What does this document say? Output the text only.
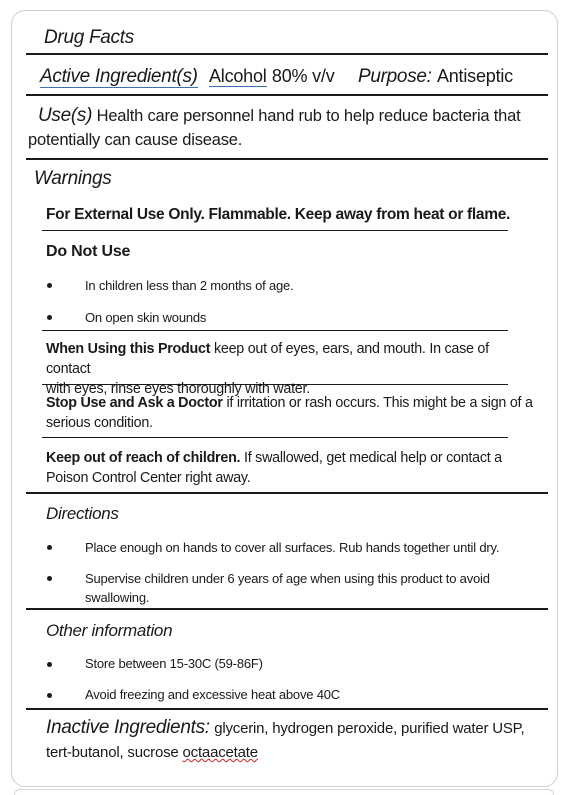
Drug Facts
Active Ingredient(s) Alcohol 80% v/v Purpose: Antiseptic
Use(s) Health care personnel hand rub to help reduce bacteria that
potentially can cause disease.
Warnings
For External Use Only. Flammable. Keep away from heat or flame.
Do Not Use
In children less than 2 months of age.
On open skin wounds
When Using this Product keep out of eyes, ears, and mouth. In case of contact
with eyes, rinse eyes thoroughly with water.
Stop Use and Ask a Doctor if irritation or rash occurs. This might be a sign of a
serious condition.
Keep out of reach of children. If swallowed, get medical help or contact a
Poison Control Center right away.
Directions
Place enough on hands to cover all surfaces. Rub hands together until dry.
Supervise children under 6 years of age when using this product to avoid
swallowing.
Other information
Store between 15-30C (59-86F)
Avoid freezing and excessive heat above 40C
Inactive Ingredients: glycerin, hydrogen peroxide, purified water USP,
tert-butanol, sucrose octaacetate
